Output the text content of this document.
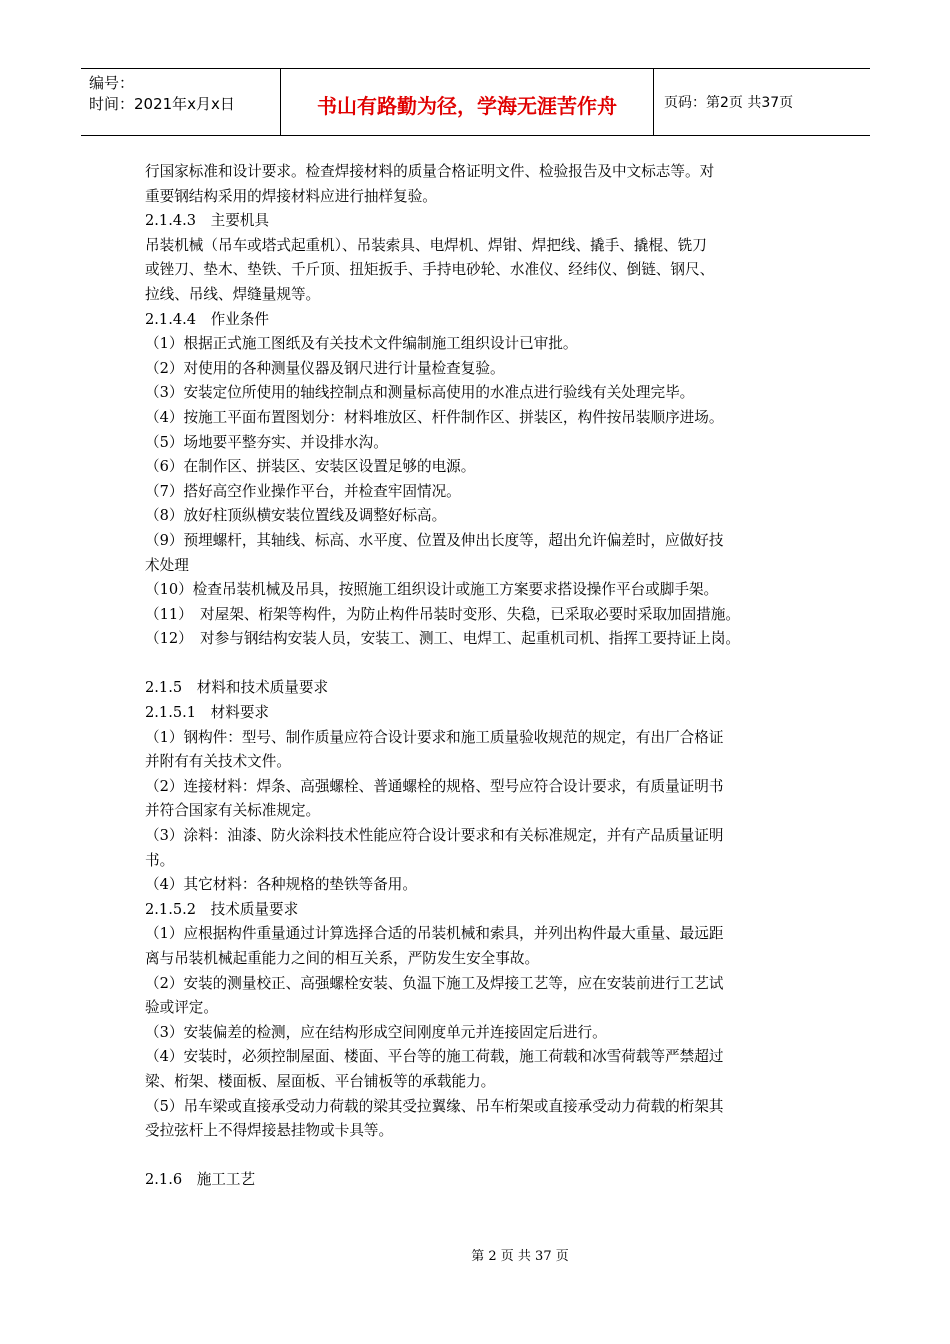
编号：
时间：2021年x月x日	书山有路勤为径，学海无涯苦作舟	页码：第2页 共37页

行国家标准和设计要求。检查焊接材料的质量合格证明文件、检验报告及中文标志等。对

重要钢结构采用的焊接材料应进行抽样复验。

2.1.4.3　主要机具

吊装机械（吊车或塔式起重机）、吊装索具、电焊机、焊钳、焊把线、撬手、撬棍、铣刀

或锉刀、垫木、垫铁、千斤顶、扭矩扳手、手持电砂轮、水准仪、经纬仪、倒链、钢尺、

拉线、吊线、焊缝量规等。

2.1.4.4　作业条件

（1）根据正式施工图纸及有关技术文件编制施工组织设计已审批。

（2）对使用的各种测量仪器及钢尺进行计量检查复验。

（3）安装定位所使用的轴线控制点和测量标高使用的水准点进行验线有关处理完毕。

（4）按施工平面布置图划分：材料堆放区、杆件制作区、拼装区，构件按吊装顺序进场。

（5）场地要平整夯实、并设排水沟。

（6）在制作区、拼装区、安装区设置足够的电源。

（7）搭好高空作业操作平台，并检查牢固情况。

（8）放好柱顶纵横安装位置线及调整好标高。

（9）预埋螺杆，其轴线、标高、水平度、位置及伸出长度等，超出允许偏差时，应做好技

术处理

（10）检查吊装机械及吊具，按照施工组织设计或施工方案要求搭设操作平台或脚手架。

（11）　对屋架、桁架等构件，为防止构件吊装时变形、失稳，已采取必要时采取加固措施。

（12）　对参与钢结构安装人员，安装工、测工、电焊工、起重机司机、指挥工要持证上岗。

2.1.5　材料和技术质量要求

2.1.5.1　材料要求

（1）钢构件：型号、制作质量应符合设计要求和施工质量验收规范的规定，有出厂合格证

并附有有关技术文件。

（2）连接材料：焊条、高强螺栓、普通螺栓的规格、型号应符合设计要求，有质量证明书

并符合国家有关标准规定。

（3）涂料：油漆、防火涂料技术性能应符合设计要求和有关标准规定，并有产品质量证明

书。

（4）其它材料：各种规格的垫铁等备用。

2.1.5.2　技术质量要求

（1）应根据构件重量通过计算选择合适的吊装机械和索具，并列出构件最大重量、最远距

离与吊装机械起重能力之间的相互关系，严防发生安全事故。

（2）安装的测量校正、高强螺栓安装、负温下施工及焊接工艺等，应在安装前进行工艺试

验或评定。

（3）安装偏差的检测，应在结构形成空间刚度单元并连接固定后进行。

（4）安装时，必须控制屋面、楼面、平台等的施工荷载，施工荷载和冰雪荷载等严禁超过

梁、桁架、楼面板、屋面板、平台铺板等的承载能力。

（5）吊车梁或直接承受动力荷载的梁其受拉翼缘、吊车桁架或直接承受动力荷载的桁架其

受拉弦杆上不得焊接悬挂物或卡具等。

2.1.6　施工工艺

第 2 页 共 37 页
